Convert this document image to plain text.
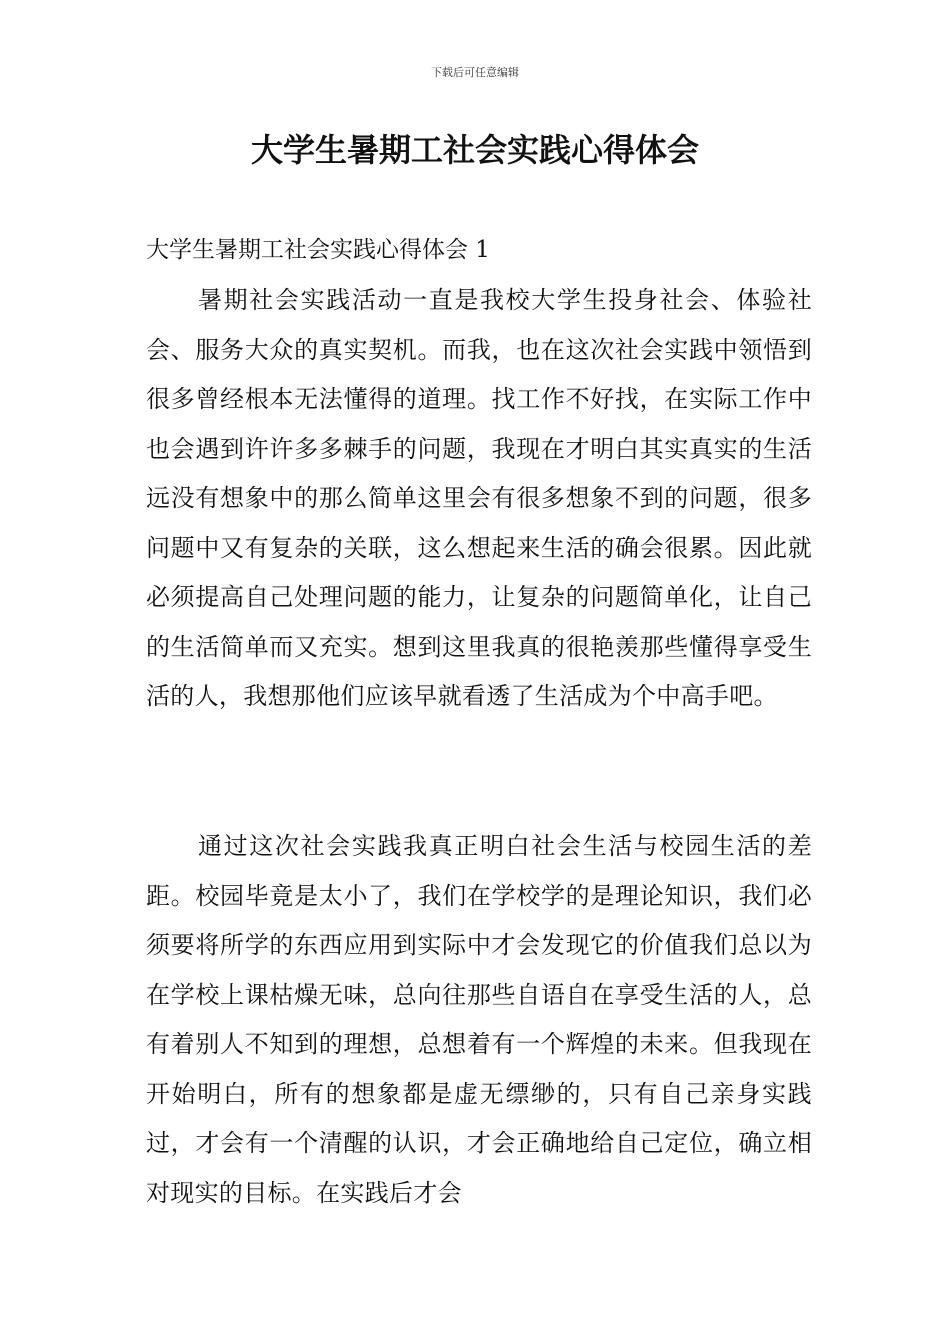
下载后可任意编辑
大学生暑期工社会实践心得体会
大学生暑期工社会实践心得体会 1

暑期社会实践活动一直是我校大学生投身社会、体验社会、服务大众的真实契机。而我，也在这次社会实践中领悟到很多曾经根本无法懂得的道理。找工作不好找，在实际工作中也会遇到许许多多棘手的问题，我现在才明白其实真实的生活远没有想象中的那么简单这里会有很多想象不到的问题，很多问题中又有复杂的关联，这么想起来生活的确会很累。因此就必须提高自己处理问题的能力，让复杂的问题简单化，让自己的生活简单而又充实。想到这里我真的很艳羡那些懂得享受生活的人，我想那他们应该早就看透了生活成为个中高手吧。

通过这次社会实践我真正明白社会生活与校园生活的差距。校园毕竟是太小了，我们在学校学的是理论知识，我们必须要将所学的东西应用到实际中才会发现它的价值我们总以为在学校上课枯燥无味，总向往那些自语自在享受生活的人，总有着别人不知到的理想，总想着有一个辉煌的未来。但我现在开始明白，所有的想象都是虚无缥缈的，只有自己亲身实践过，才会有一个清醒的认识，才会正确地给自己定位，确立相对现实的目标。在实践后才会
